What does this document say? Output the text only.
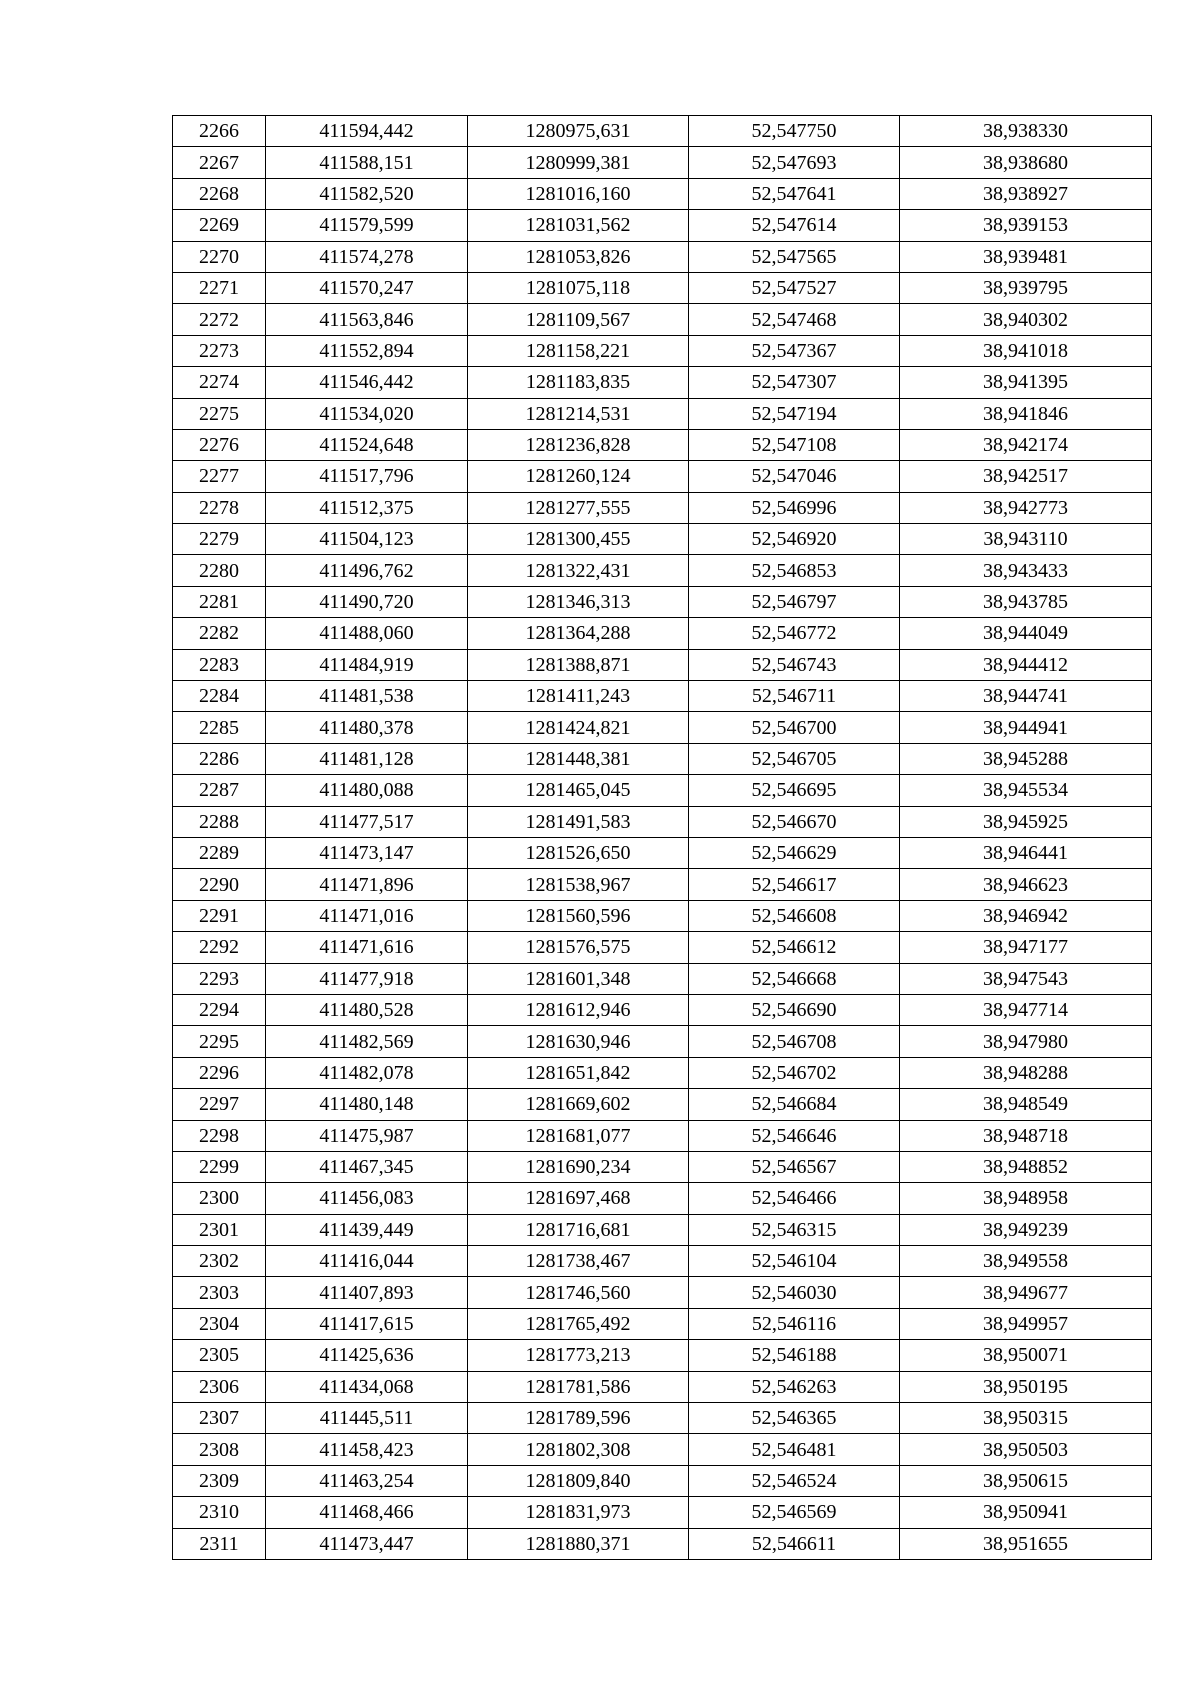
2266	411594,442	1280975,631	52,547750	38,938330
2267	411588,151	1280999,381	52,547693	38,938680
2268	411582,520	1281016,160	52,547641	38,938927
2269	411579,599	1281031,562	52,547614	38,939153
2270	411574,278	1281053,826	52,547565	38,939481
2271	411570,247	1281075,118	52,547527	38,939795
2272	411563,846	1281109,567	52,547468	38,940302
2273	411552,894	1281158,221	52,547367	38,941018
2274	411546,442	1281183,835	52,547307	38,941395
2275	411534,020	1281214,531	52,547194	38,941846
2276	411524,648	1281236,828	52,547108	38,942174
2277	411517,796	1281260,124	52,547046	38,942517
2278	411512,375	1281277,555	52,546996	38,942773
2279	411504,123	1281300,455	52,546920	38,943110
2280	411496,762	1281322,431	52,546853	38,943433
2281	411490,720	1281346,313	52,546797	38,943785
2282	411488,060	1281364,288	52,546772	38,944049
2283	411484,919	1281388,871	52,546743	38,944412
2284	411481,538	1281411,243	52,546711	38,944741
2285	411480,378	1281424,821	52,546700	38,944941
2286	411481,128	1281448,381	52,546705	38,945288
2287	411480,088	1281465,045	52,546695	38,945534
2288	411477,517	1281491,583	52,546670	38,945925
2289	411473,147	1281526,650	52,546629	38,946441
2290	411471,896	1281538,967	52,546617	38,946623
2291	411471,016	1281560,596	52,546608	38,946942
2292	411471,616	1281576,575	52,546612	38,947177
2293	411477,918	1281601,348	52,546668	38,947543
2294	411480,528	1281612,946	52,546690	38,947714
2295	411482,569	1281630,946	52,546708	38,947980
2296	411482,078	1281651,842	52,546702	38,948288
2297	411480,148	1281669,602	52,546684	38,948549
2298	411475,987	1281681,077	52,546646	38,948718
2299	411467,345	1281690,234	52,546567	38,948852
2300	411456,083	1281697,468	52,546466	38,948958
2301	411439,449	1281716,681	52,546315	38,949239
2302	411416,044	1281738,467	52,546104	38,949558
2303	411407,893	1281746,560	52,546030	38,949677
2304	411417,615	1281765,492	52,546116	38,949957
2305	411425,636	1281773,213	52,546188	38,950071
2306	411434,068	1281781,586	52,546263	38,950195
2307	411445,511	1281789,596	52,546365	38,950315
2308	411458,423	1281802,308	52,546481	38,950503
2309	411463,254	1281809,840	52,546524	38,950615
2310	411468,466	1281831,973	52,546569	38,950941
2311	411473,447	1281880,371	52,546611	38,951655
